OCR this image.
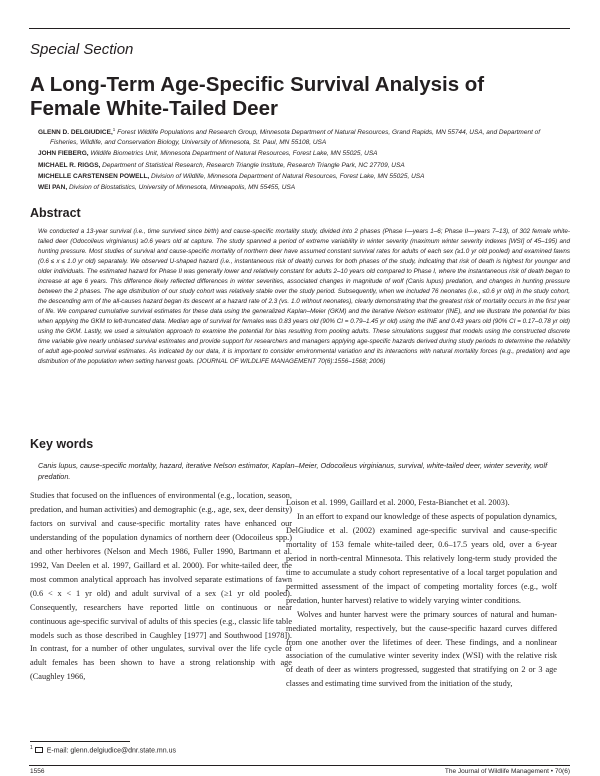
Special Section
A Long-Term Age-Specific Survival Analysis of
Female White-Tailed Deer

GLENN D. DELGIUDICE,$^1$ Forest Wildlife Populations and Research Group, Minnesota Department of Natural Resources, Grand Rapids, MN 55744, USA, and Department of Fisheries, Wildlife, and Conservation Biology, University of Minnesota, St. Paul, MN 55108, USA

JOHN FIEBERG, Wildlife Biometrics Unit, Minnesota Department of Natural Resources, Forest Lake, MN 55025, USA

MICHAEL R. RIGGS, Department of Statistical Research, Research Triangle Institute, Research Triangle Park, NC 27709, USA

MICHELLE CARSTENSEN POWELL, Division of Wildlife, Minnesota Department of Natural Resources, Forest Lake, MN 55025, USA

WEI PAN, Division of Biostatistics, University of Minnesota, Minneapolis, MN 55455, USA

Abstract

We conducted a 13-year survival (i.e., time survived since birth) and cause-specific mortality study, divided into 2 phases (Phase I—years 1–6; Phase II—years 7–13), of 302 female white-tailed deer (Odocoileus virginianus) ≥0.6 years old at capture. The study spanned a period of extreme variability in winter severity (maximum winter severity indexes [WSI] of 45–195) and hunting pressure. Most studies of survival and cause-specific mortality of northern deer have assumed constant survival rates for adults of each sex (≥1.0 yr old pooled) and examined fawns (0.6 ≤ x ≤ 1.0 yr old) separately. We observed U-shaped hazard (i.e., instantaneous risk of death) curves for both phases of the study, indicating that risk of death is highest for younger and older individuals. The estimated hazard for Phase II was generally lower and relatively constant for adults 2–10 years old compared to Phase I, where the instantaneous risk of death began to increase at age 6 years. This difference likely reflected differences in winter severities, associated changes in magnitude of wolf (Canis lupus) predation, and changes in hunting pressure between the 2 phases. The age distribution of our study cohort was relatively stable over the study period. Subsequently, when we included 76 neonates (i.e., ≤0.6 yr old) in the study cohort, the descending arm of the all-causes hazard began its descent at a hazard rate of 2.3 (vs. 1.0 without neonates), clearly demonstrating that the greatest risk of mortality occurs in the first year of life. We compared cumulative survival estimates for these data using the generalized Kaplan–Meier (GKM) and the iterative Nelson estimator (INE), and we illustrate the potential for bias when applying the GKM to left-truncated data. Median age of survival for females was 0.83 years old (90% CI = 0.79–1.45 yr old) using the INE and 0.43 years old (90% CI = 0.17–0.78 yr old) using the GKM. Lastly, we used a simulation approach to examine the potential for bias resulting from pooling adults. These simulations suggest that models using the constructed discrete time variable give nearly unbiased survival estimates and provide support for researchers and managers applying age-specific hazards derived during study periods to determine the reliability of adult age-pooled survival estimates. As indicated by our data, it is important to consider environmental variation and its interactions with natural mortality forces (e.g., predation) and age distribution of the population when setting harvest goals. (JOURNAL OF WILDLIFE MANAGEMENT 70(6):1556–1568; 2006)

Key words

Canis lupus, cause-specific mortality, hazard, iterative Nelson estimator, Kaplan–Meier, Odocoileus virginianus, survival, white-tailed deer, winter severity, wolf predation.

Studies that focused on the influences of environmental (e.g., location, season, predation, and human activities) and demographic (e.g., age, sex, deer density) factors on survival and cause-specific mortality rates have enhanced our understanding of the population dynamics of northern deer (Odocoileus spp.) and other herbivores (Nelson and Mech 1986, Fuller 1990, Bartmann et al. 1992, Van Deelen et al. 1997, Gaillard et al. 2000). For white-tailed deer, the most common analytical approach has involved separate estimations of fawn (0.6 < x < 1 yr old) and adult survival of a sex (≥1 yr old pooled). Consequently, researchers have reported little on continuous or near continuous age-specific survival of adults of this species (e.g., classic life table models such as those described in Caughley [1977] and Southwood [1978]). In contrast, for a number of other ungulates, survival over the life cycle of adult females has been shown to have a strong relationship with age (Caughley 1966,

Loison et al. 1999, Gaillard et al. 2000, Festa-Bianchet et al. 2003).

In an effort to expand our knowledge of these aspects of population dynamics, DelGiudice et al. (2002) examined age-specific survival and cause-specific mortality of 153 female white-tailed deer, 0.6–17.5 years old, over a 6-year period in north-central Minnesota. This relatively long-term study provided the time to accumulate a study cohort representative of a local target population and permitted assessment of the impact of competing mortality forces (e.g., wolf predation, hunter harvest) relative to widely varying winter conditions.

Wolves and hunter harvest were the primary sources of natural and human-mediated mortality, respectively, but the cause-specific hazard curves differed from one another over the lifetimes of deer. These findings, and a nonlinear association of the cumulative winter severity index (WSI) with the relative risk of death of deer as winters progressed, suggested that stratifying on 2 or 3 age classes and estimating time survived from the initiation of the study,

$^1$ E-mail: glenn.delgiudice@dnr.state.mn.us
1556	The Journal of Wildlife Management • 70(6)
